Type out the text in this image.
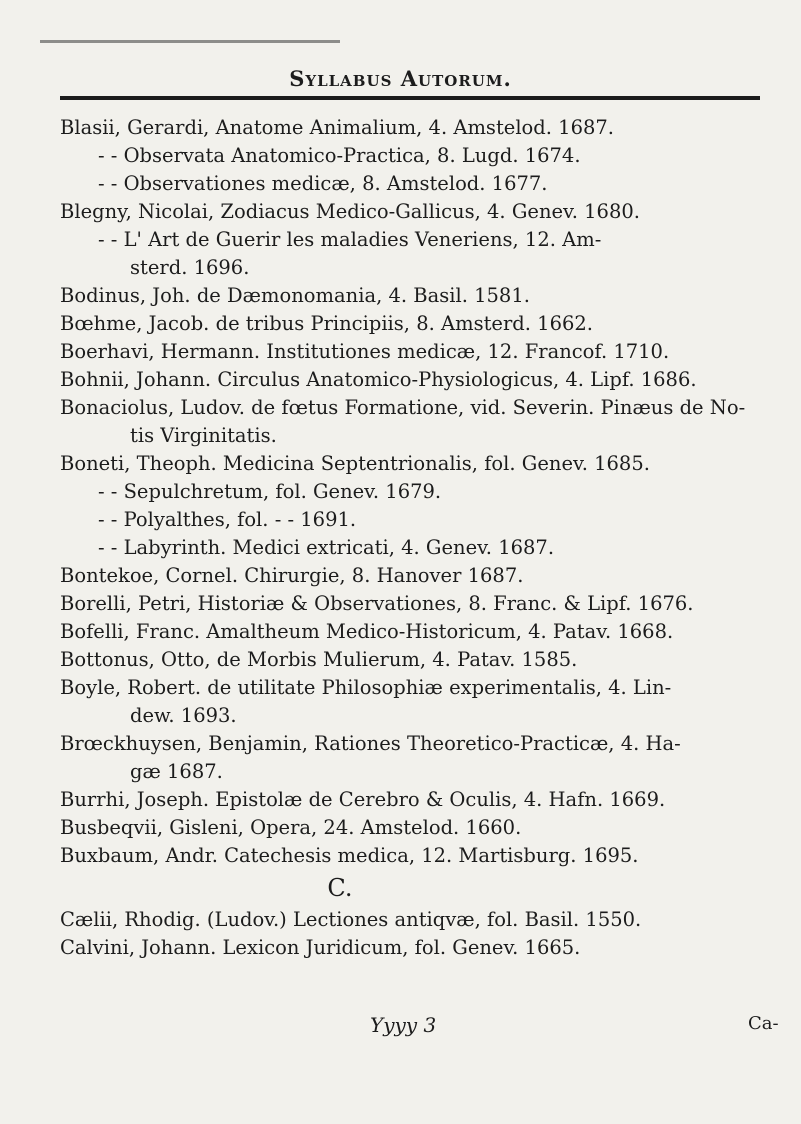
Syllabus Autorum.
Blasii, Gerardi, Anatome Animalium, 4. Amstelod. 1687.
- - Observata Anatomico-Practica, 8. Lugd. 1674.
- - Observationes medicæ, 8. Amstelod. 1677.
Blegny, Nicolai, Zodiacus Medico-Gallicus, 4. Genev. 1680.
- - L' Art de Guerir les maladies Veneriens, 12. Am-
sterd. 1696.
Bodinus, Joh. de Dæmonomania, 4. Basil. 1581.
Bœhme, Jacob. de tribus Principiis, 8. Amsterd. 1662.
Boerhavi, Hermann. Institutiones medicæ, 12. Francof. 1710.
Bohnii, Johann. Circulus Anatomico-Physiologicus, 4. Lipf. 1686.
Bonaciolus, Ludov. de fœtus Formatione, vid. Severin. Pinæus de No-
tis Virginitatis.
Boneti, Theoph. Medicina Septentrionalis, fol. Genev. 1685.
- - Sepulchretum, fol. Genev. 1679.
- - Polyalthes, fol. - - 1691.
- - Labyrinth. Medici extricati, 4. Genev. 1687.
Bontekoe, Cornel. Chirurgie, 8. Hanover 1687.
Borelli, Petri, Historiæ & Observationes, 8. Franc. & Lipf. 1676.
Bofelli, Franc. Amaltheum Medico-Historicum, 4. Patav. 1668.
Bottonus, Otto, de Morbis Mulierum, 4. Patav. 1585.
Boyle, Robert. de utilitate Philosophiæ experimentalis, 4. Lin-
dew. 1693.
Brœckhuysen, Benjamin, Rationes Theoretico-Practicæ, 4. Ha-
gæ 1687.
Burrhi, Joseph. Epistolæ de Cerebro & Oculis, 4. Hafn. 1669.
Busbeqvii, Gisleni, Opera, 24. Amstelod. 1660.
Buxbaum, Andr. Catechesis medica, 12. Martisburg. 1695.
C.
Cælii, Rhodig. (Ludov.) Lectiones antiqvæ, fol. Basil. 1550.
Calvini, Johann. Lexicon Juridicum, fol. Genev. 1665.
Yyyy 3	Ca-
